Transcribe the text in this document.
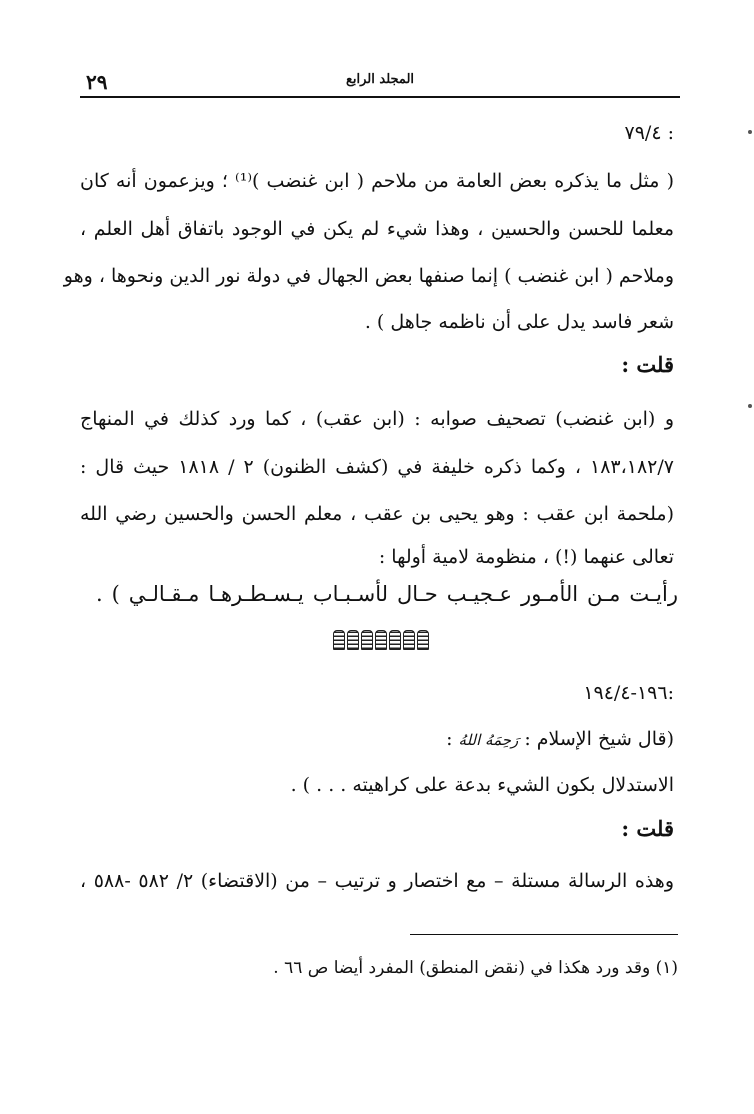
٢٩	المجلد الرابع
: ٧٩/٤
( مثل ما يذكره بعض العامة من ملاحم ( ابن غنضب )⁽¹⁾ ؛ ويزعمون أنه كان
معلما للحسن والحسين ، وهذا شيء لم يكن في الوجود باتفاق أهل العلم ،
وملاحم ( ابن غنضب ) إنما صنفها بعض الجهال في دولة نور الدين ونحوها ، وهو
شعر فاسد يدل على أن ناظمه جاهل ) .
قلت :
و (ابن غنضب) تصحيف صوابه : (ابن عقب) ، كما ورد كذلك في المنهاج
١٨٣،١٨٢/٧ ، وكما ذكره خليفة في (كشف الظنون) ٢ / ١٨١٨ حيث قال :
(ملحمة ابن عقب : وهو يحيى بن عقب ، معلم الحسن والحسين رضي الله
تعالى عنهما (!) ، منظومة لامية أولها :
رأيـت مـن الأمـور عـجيـب حـال لأسـبـاب يـسـطـرهـا مـقـالـي ) .
:١٩٦-١٩٤/٤
(قال شيخ الإسلام : رَحِمَهُ اللهُ :
الاستدلال بكون الشيء بدعة على كراهيته . . . ) .
قلت :
وهذه الرسالة مستلة – مع اختصار و ترتيب – من (الاقتضاء) ٢/ ٥٨٢ -٥٨٨ ،
(١) وقد ورد هكذا في (نقض المنطق) المفرد أيضا ص ٦٦ .
